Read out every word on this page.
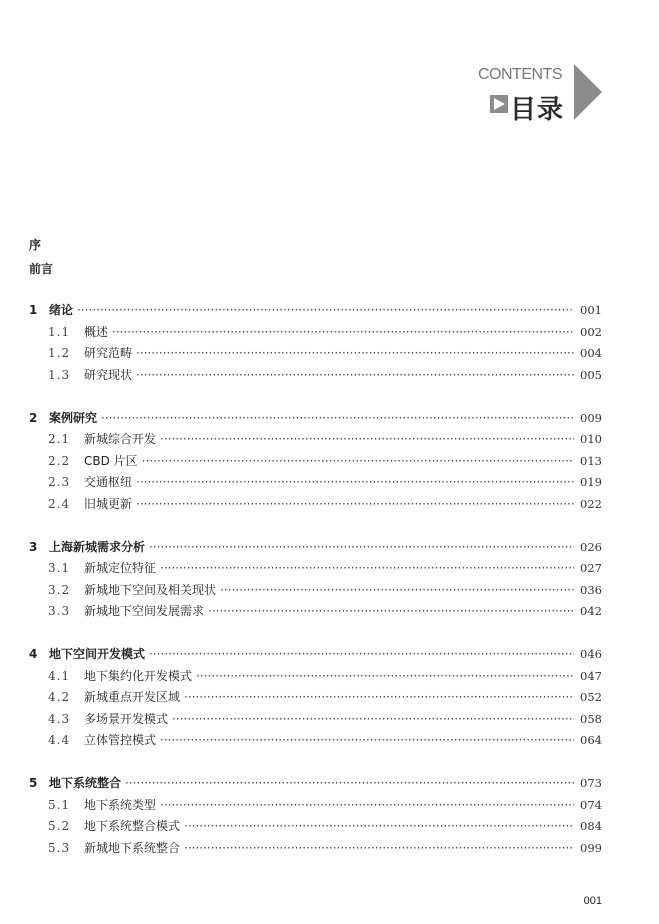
CONTENTS
目录
序
前言
1 绪论 ·····	001
1.1	概述 ·····	002
1.2	研究范畴 ·····	004
1.3	研究现状 ·····	005
2 案例研究 ·····	009
2.1	新城综合开发 ·····	010
2.2	CBD 片区 ·····	013
2.3	交通枢纽 ·····	019
2.4	旧城更新 ·····	022
3 上海新城需求分析 ·····	026
3.1	新城定位特征 ·····	027
3.2	新城地下空间及相关现状 ·····	036
3.3	新城地下空间发展需求 ·····	042
4 地下空间开发模式 ·····	046
4.1	地下集约化开发模式 ·····	047
4.2	新城重点开发区域 ·····	052
4.3	多场景开发模式 ·····	058
4.4	立体管控模式 ·····	064
5 地下系统整合 ·····	073
5.1	地下系统类型 ·····	074
5.2	地下系统整合模式 ·····	084
5.3	新城地下系统整合 ·····	099
001
